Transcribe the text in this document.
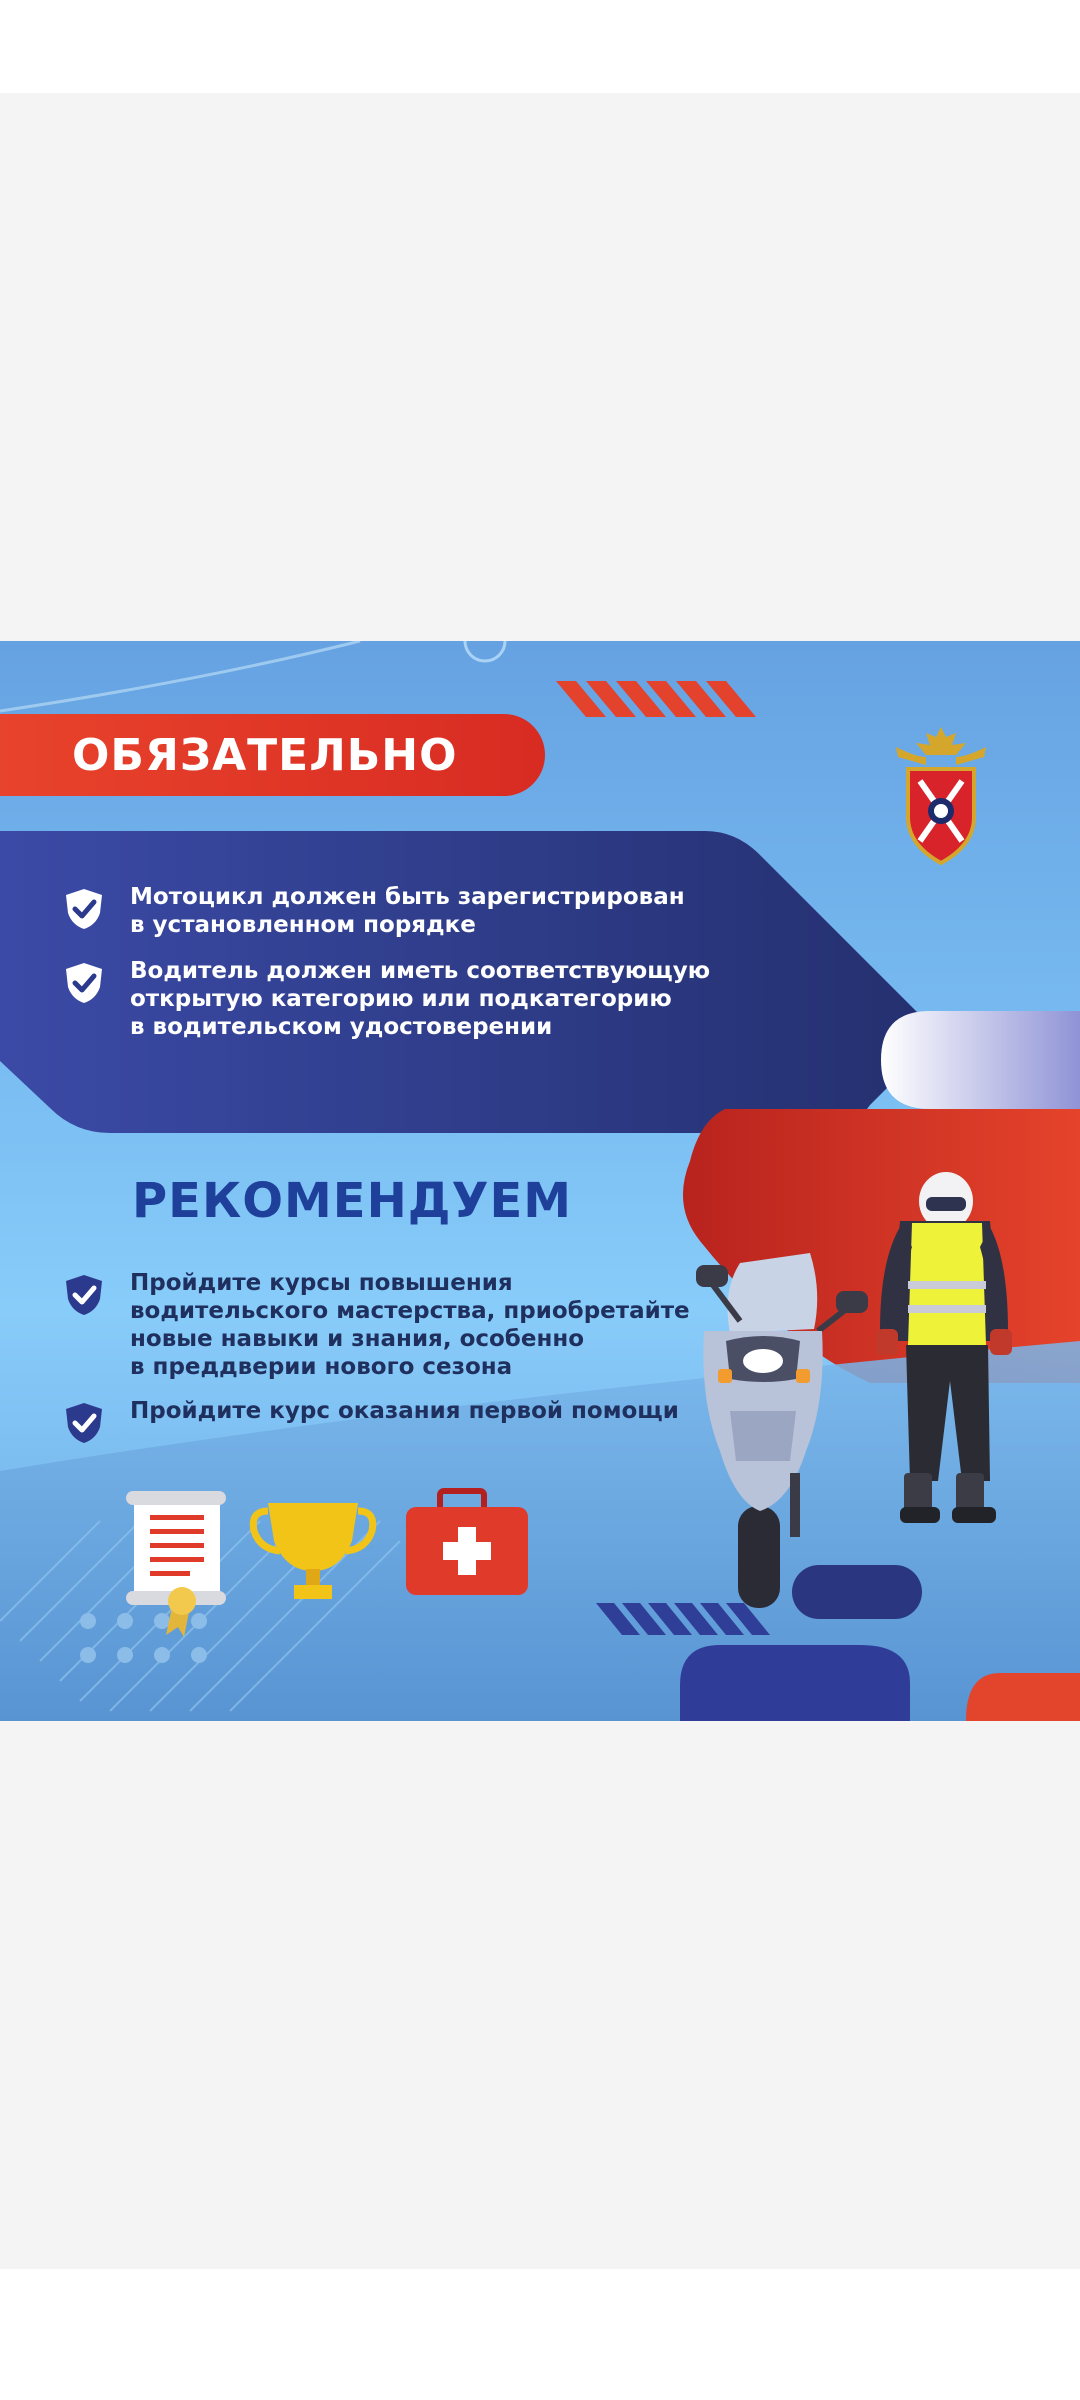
ОБЯЗАТЕЛЬНО
Мотоцикл должен быть зарегистрирован
в установленном порядке
Водитель должен иметь соответствующую
открытую категорию или подкатегорию
в водительском удостоверении
РЕКОМЕНДУЕМ
Пройдите курсы повышения
водительского мастерства, приобретайте
новые навыки и знания, особенно
в преддверии нового сезона
Пройдите курс оказания первой помощи
